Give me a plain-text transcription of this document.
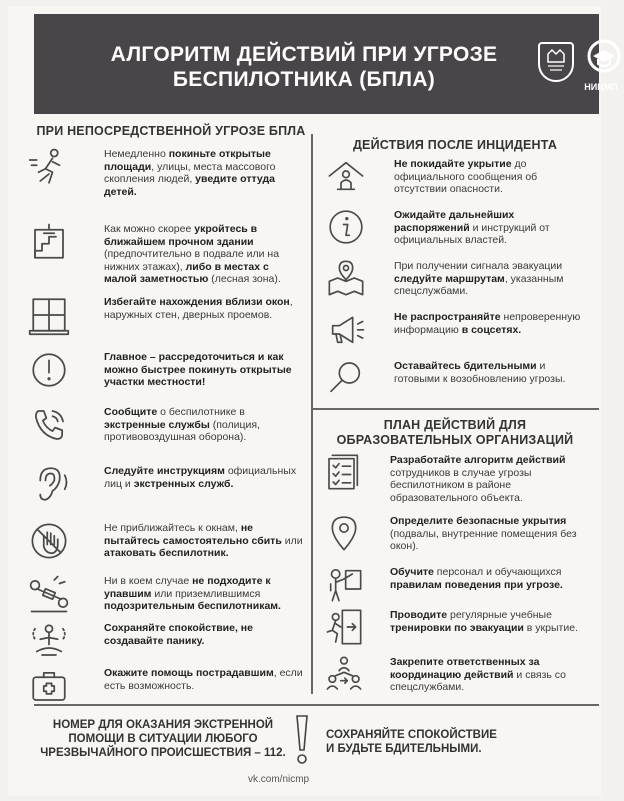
АЛГОРИТМ ДЕЙСТВИЙ ПРИ УГРОЗЕ
БЕСПИЛОТНИКА (БПЛА)	НИЦМП
ПРИ НЕПОСРЕДСТВЕННОЙ УГРОЗЕ БПЛА
Немедленно покиньте открытые площади, улицы, места массового скопления людей, уведите оттуда детей.
Как можно скорее укройтесь в ближайшем прочном здании (предпочтительно в подвале или на нижних этажах), либо в местах с малой заметностью (лесная зона).
Избегайте нахождения вблизи окон, наружных стен, дверных проемов.
Главное – рассредоточиться и как можно быстрее покинуть открытые участки местности!
Сообщите о беспилотнике в экстренные службы (полиция, противовоздушная оборона).
Следуйте инструкциям официальных лиц и экстренных служб.
Не приближайтесь к окнам, не пытайтесь самостоятельно сбить или атаковать беспилотник.
Ни в коем случае не подходите к упавшим или приземлившимся подозрительным беспилотникам.
Сохраняйте спокойствие, не создавайте панику.
Окажите помощь пострадавшим, если есть возможность.
ДЕЙСТВИЯ ПОСЛЕ ИНЦИДЕНТА
Не покидайте укрытие до официального сообщения об отсутствии опасности.
Ожидайте дальнейших распоряжений и инструкций от официальных властей.
При получении сигнала эвакуации следуйте маршрутам, указанным спецслужбами.
Не распространяйте непроверенную информацию в соцсетях.
Оставайтесь бдительными и готовыми к возобновлению угрозы.
ПЛАН ДЕЙСТВИЙ ДЛЯ
ОБРАЗОВАТЕЛЬНЫХ ОРГАНИЗАЦИЙ
Разработайте алгоритм действий сотрудников в случае угрозы беспилотником в районе образовательного объекта.
Определите безопасные укрытия (подвалы, внутренние помещения без окон).
Обучите персонал и обучающихся правилам поведения при угрозе.
Проводите регулярные учебные тренировки по эвакуации в укрытие.
Закрепите ответственных за координацию действий и связь со спецслужбами.
НОМЕР ДЛЯ ОКАЗАНИЯ ЭКСТРЕННОЙ
ПОМОЩИ В СИТУАЦИИ ЛЮБОГО
ЧРЕЗВЫЧАЙНОГО ПРОИСШЕСТВИЯ – 112.
СОХРАНЯЙТЕ СПОКОЙСТВИЕ
И БУДЬТЕ БДИТЕЛЬНЫМИ.
vk.com/nicmp
